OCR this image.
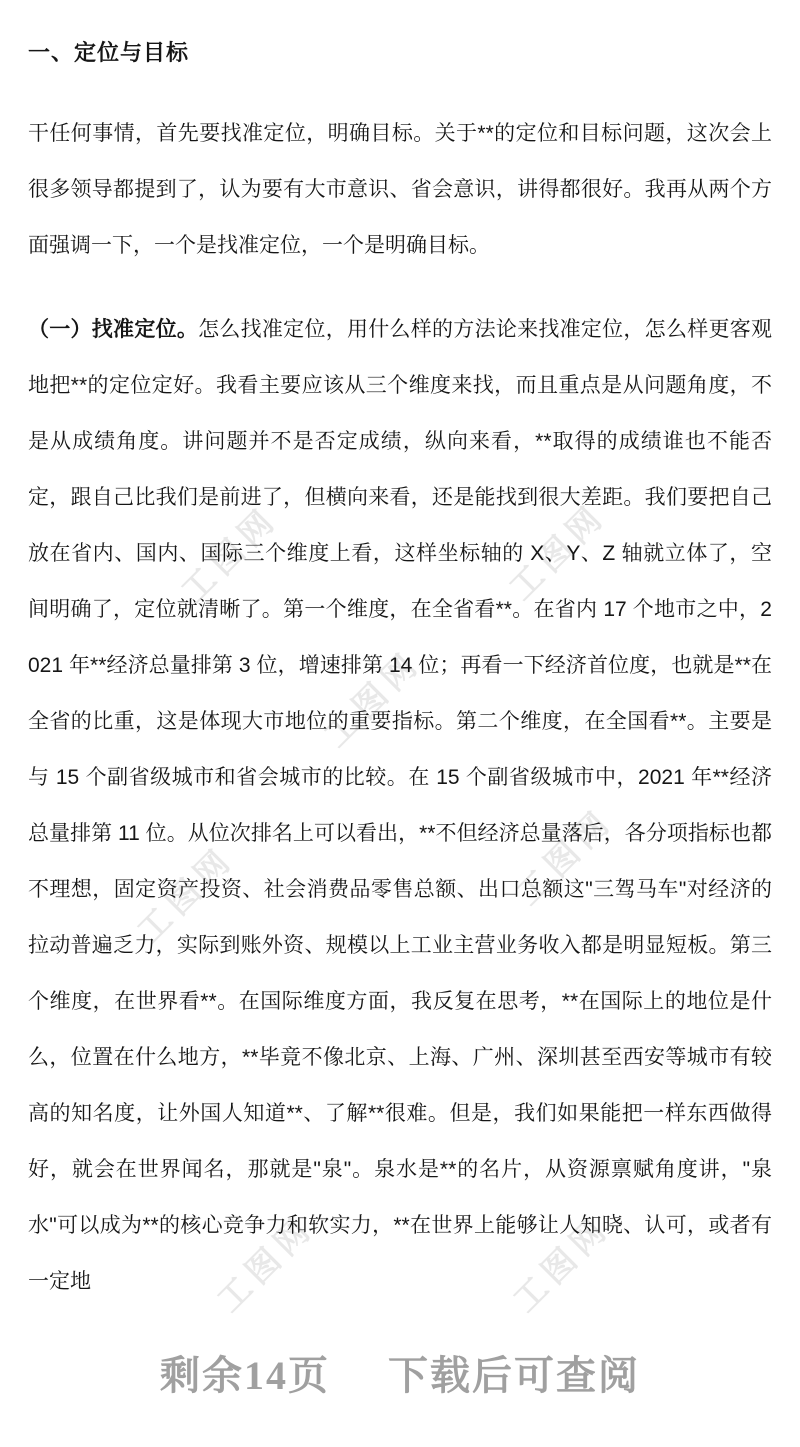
工图网	工图网
工图网
工图网	工图网
工图网	工图网
一、定位与目标

干任何事情，首先要找准定位，明确目标。关于**的定位和目标问题，这次会上很多领导都提到了，认为要有大市意识、省会意识，讲得都很好。我再从两个方面强调一下，一个是找准定位，一个是明确目标。

（一）找准定位。怎么找准定位，用什么样的方法论来找准定位，怎么样更客观地把**的定位定好。我看主要应该从三个维度来找，而且重点是从问题角度，不是从成绩角度。讲问题并不是否定成绩，纵向来看，**取得的成绩谁也不能否定，跟自己比我们是前进了，但横向来看，还是能找到很大差距。我们要把自己放在省内、国内、国际三个维度上看，这样坐标轴的 X、Y、Z 轴就立体了，空间明确了，定位就清晰了。第一个维度，在全省看**。在省内 17 个地市之中，2021 年**经济总量排第 3 位，增速排第 14 位；再看一下经济首位度，也就是**在全省的比重，这是体现大市地位的重要指标。第二个维度，在全国看**。主要是与 15 个副省级城市和省会城市的比较。在 15 个副省级城市中，2021 年**经济总量排第 11 位。从位次排名上可以看出，**不但经济总量落后，各分项指标也都不理想，固定资产投资、社会消费品零售总额、出口总额这"三驾马车"对经济的拉动普遍乏力，实际到账外资、规模以上工业主营业务收入都是明显短板。第三个维度，在世界看**。在国际维度方面，我反复在思考，**在国际上的地位是什么，位置在什么地方，**毕竟不像北京、上海、广州、深圳甚至西安等城市有较高的知名度，让外国人知道**、了解**很难。但是，我们如果能把一样东西做得好，就会在世界闻名，那就是"泉"。泉水是**的名片，从资源禀赋角度讲，"泉水"可以成为**的核心竞争力和软实力，**在世界上能够让人知晓、认可，或者有一定地

剩余14页 下载后可查阅
